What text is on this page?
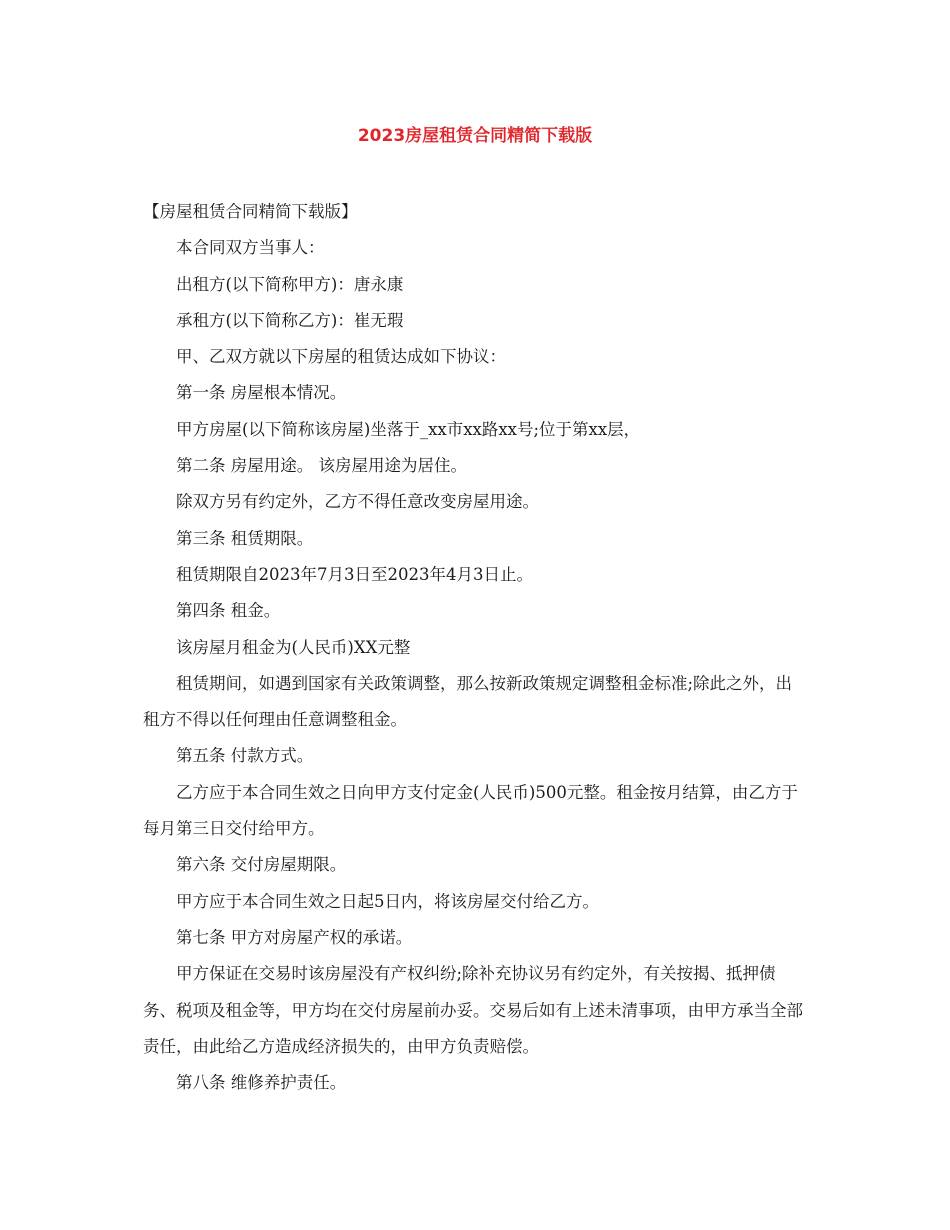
2023房屋租赁合同精简下载版

【房屋租赁合同精简下载版】

本合同双方当事人：

出租方(以下简称甲方)：唐永康

承租方(以下简称乙方)：崔无瑕

甲、乙双方就以下房屋的租赁达成如下协议：

第一条 房屋根本情况。

甲方房屋(以下简称该房屋)坐落于_xx市xx路xx号;位于第xx层，

第二条 房屋用途。 该房屋用途为居住。

除双方另有约定外，乙方不得任意改变房屋用途。

第三条 租赁期限。

租赁期限自2023年7月3日至2023年4月3日止。

第四条 租金。

该房屋月租金为(人民币)XX元整

租赁期间，如遇到国家有关政策调整，那么按新政策规定调整租金标准;除此之外，出租方不得以任何理由任意调整租金。

第五条 付款方式。

乙方应于本合同生效之日向甲方支付定金(人民币)500元整。租金按月结算，由乙方于每月第三日交付给甲方。

第六条 交付房屋期限。

甲方应于本合同生效之日起5日内，将该房屋交付给乙方。

第七条 甲方对房屋产权的承诺。

甲方保证在交易时该房屋没有产权纠纷;除补充协议另有约定外，有关按揭、抵押债务、税项及租金等，甲方均在交付房屋前办妥。交易后如有上述未清事项，由甲方承当全部责任，由此给乙方造成经济损失的，由甲方负责赔偿。

第八条 维修养护责任。
